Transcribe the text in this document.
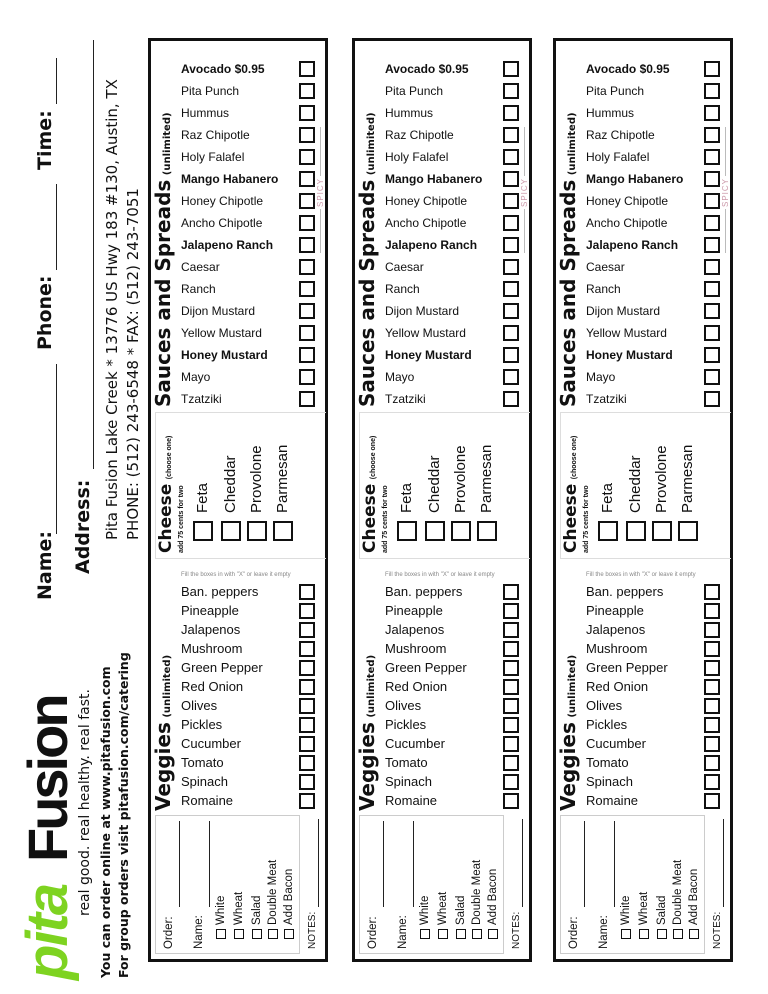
pita
Fusion
real good. real healthy. real fast. You can order online at www.pitafusion.com For group orders visit pitafusion.com/catering
Name:
Phone:
Time:
Address: Pita Fusion Lake Creek * 13776 US Hwy 183 #130, Austin, TX PHONE: (512) 243-6548 * FAX: (512) 243-7051
Order: Name:
White Wheat Salad Double Meat Add Bacon
NOTES:
Veggies (unlimited)
Romaine
Spinach
Tomato
Cucumber
Pickles
Olives
Red Onion
Green Pepper
Mushroom
Jalapenos
Pineapple
Ban. peppers
Fill the boxes in with "X" or leave it empty
Cheese (choose one)
add 75 cents for two Feta Cheddar Provolone Parmesan
Sauces and Spreads (unlimited)
Tzatziki
Mayo
Honey Mustard
Yellow Mustard
Dijon Mustard
Ranch
Caesar
Jalapeno Ranch
Ancho Chipotle
Honey Chipotle
Mango Habanero
Holy Falafel
Raz Chipotle
Hummus
Pita Punch
Avocado $0.95
SPICY
Order: Name:
White Wheat Salad Double Meat Add Bacon
NOTES:
Veggies (unlimited)
Romaine
Spinach
Tomato
Cucumber
Pickles
Olives
Red Onion
Green Pepper
Mushroom
Jalapenos
Pineapple
Ban. peppers
Fill the boxes in with "X" or leave it empty
Cheese (choose one)
add 75 cents for two Feta Cheddar Provolone Parmesan
Sauces and Spreads (unlimited)
Tzatziki
Mayo
Honey Mustard
Yellow Mustard
Dijon Mustard
Ranch
Caesar
Jalapeno Ranch
Ancho Chipotle
Honey Chipotle
Mango Habanero
Holy Falafel
Raz Chipotle
Hummus
Pita Punch
Avocado $0.95
SPICY
Order: Name:
White Wheat Salad Double Meat Add Bacon
NOTES:
Veggies (unlimited)
Romaine
Spinach
Tomato
Cucumber
Pickles
Olives
Red Onion
Green Pepper
Mushroom
Jalapenos
Pineapple
Ban. peppers
Fill the boxes in with "X" or leave it empty
Cheese (choose one)
add 75 cents for two Feta Cheddar Provolone Parmesan
Sauces and Spreads (unlimited)
Tzatziki
Mayo
Honey Mustard
Yellow Mustard
Dijon Mustard
Ranch
Caesar
Jalapeno Ranch
Ancho Chipotle
Honey Chipotle
Mango Habanero
Holy Falafel
Raz Chipotle
Hummus
Pita Punch
Avocado $0.95
SPICY
